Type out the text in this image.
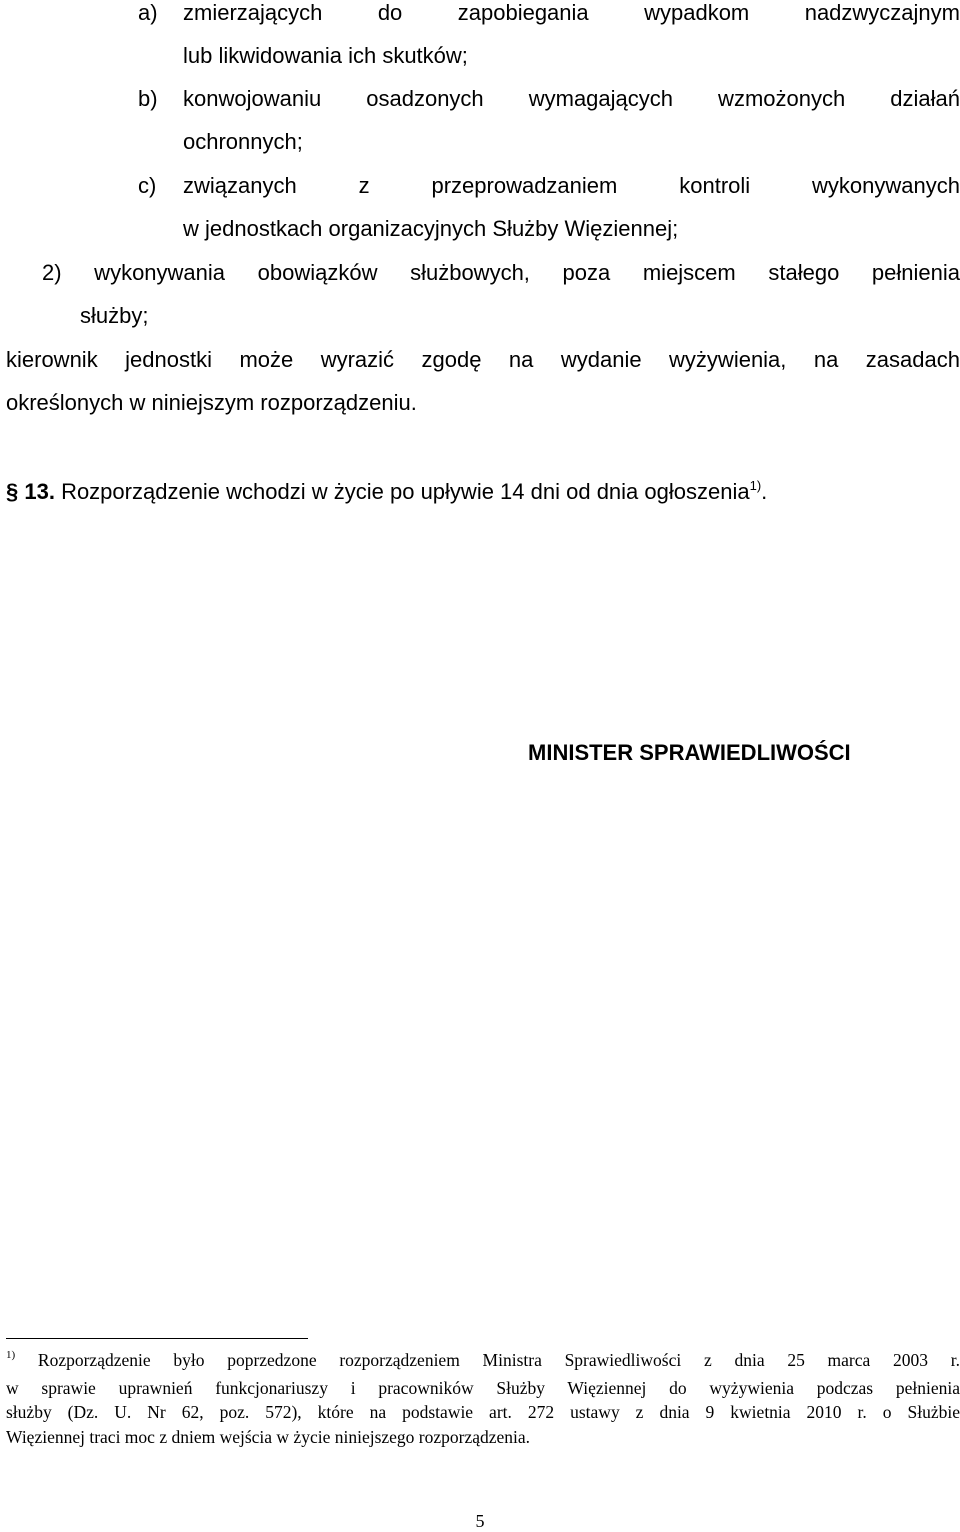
a) zmierzających do zapobiegania wypadkom nadzwyczajnym
lub likwidowania ich skutków;
b) konwojowaniu osadzonych wymagających wzmożonych działań
ochronnych;
c) związanych z przeprowadzaniem kontroli wykonywanych
w jednostkach organizacyjnych Służby Więziennej;
2) wykonywania obowiązków służbowych, poza miejscem stałego pełnienia
służby;
kierownik jednostki może wyrazić zgodę na wydanie wyżywienia, na zasadach
określonych w niniejszym rozporządzeniu.
§ 13. Rozporządzenie wchodzi w życie po upływie 14 dni od dnia ogłoszenia$^{1)}$.
MINISTER SPRAWIEDLIWOŚCI

$^{1)}$ Rozporządzenie było poprzedzone rozporządzeniem Ministra Sprawiedliwości z dnia 25 marca 2003 r.

w sprawie uprawnień funkcjonariuszy i pracowników Służby Więziennej do wyżywienia podczas pełnienia

służby (Dz. U. Nr 62, poz. 572), które na podstawie art. 272 ustawy z dnia 9 kwietnia 2010 r. o Służbie

Więziennej traci moc z dniem wejścia w życie niniejszego rozporządzenia.

5
